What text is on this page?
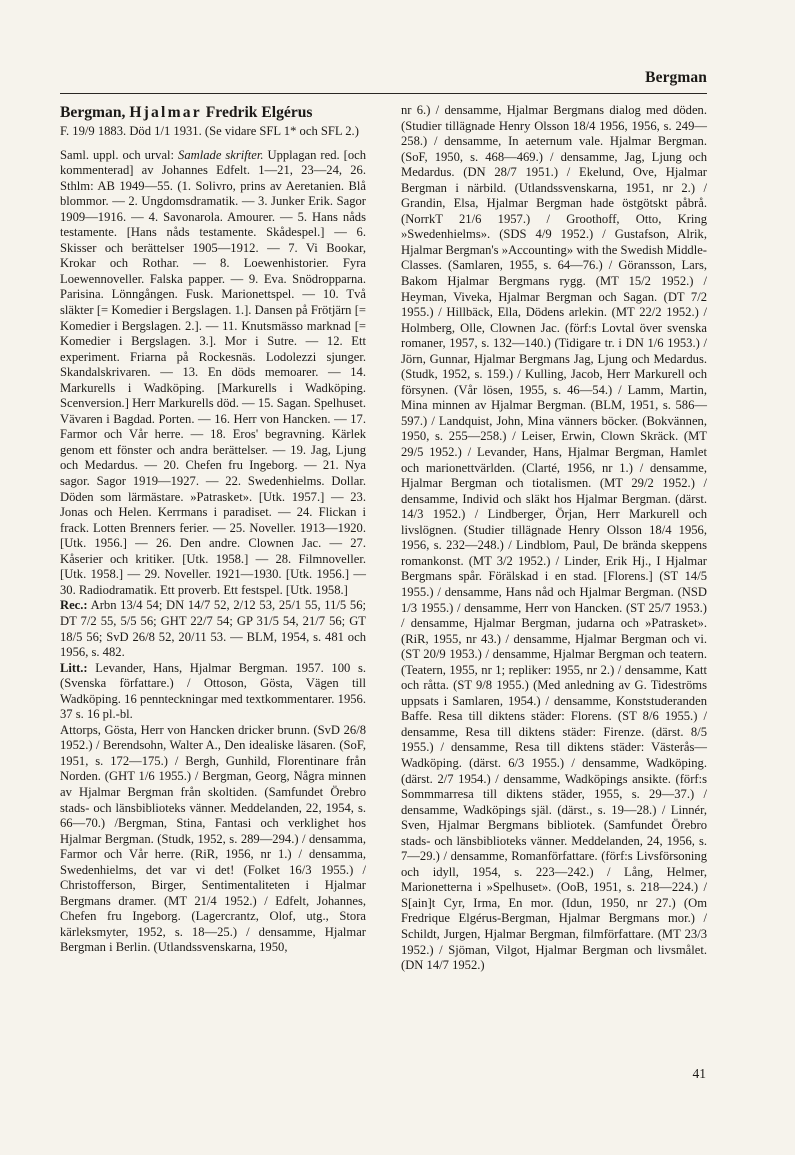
Bergman

Bergman, Hjalmar Fredrik Elgérus

F. 19/9 1883. Död 1/1 1931. (Se vidare SFL 1* och SFL 2.)

Saml. uppl. och urval: Samlade skrifter. Upplagan red. [och kommenterad] av Johannes Edfelt. 1—21, 23—24, 26. Sthlm: AB 1949—55. (1. Solivro, prins av Aeretanien. Blå blommor. — 2. Ungdomsdramatik. — 3. Junker Erik. Sagor 1909—1916. — 4. Savonarola. Amourer. — 5. Hans nåds testamente. [Hans nåds testamente. Skådespel.] — 6. Skisser och berättelser 1905—1912. — 7. Vi Bookar, Krokar och Rothar. — 8. Loewenhistorier. Fyra Loewennoveller. Falska papper. — 9. Eva. Snödropparna. Parisina. Lönngången. Fusk. Marionettspel. — 10. Två släkter [= Komedier i Bergslagen. 1.]. Dansen på Frötjärn [= Komedier i Bergslagen. 2.]. — 11. Knutsmässo marknad [= Komedier i Bergslagen. 3.]. Mor i Sutre. — 12. Ett experiment. Friarna på Rockesnäs. Lodolezzi sjunger. Skandalskrivaren. — 13. En döds memoarer. — 14. Markurells i Wadköping. [Markurells i Wadköping. Scenversion.] Herr Markurells död. — 15. Sagan. Spelhuset. Vävaren i Bagdad. Porten. — 16. Herr von Hancken. — 17. Farmor och Vår herre. — 18. Eros' begravning. Kärlek genom ett fönster och andra berättelser. — 19. Jag, Ljung och Medardus. — 20. Chefen fru Ingeborg. — 21. Nya sagor. Sagor 1919—1927. — 22. Swedenhielms. Dollar. Döden som lärmästare. »Patrasket». [Utk. 1957.] — 23. Jonas och Helen. Kerrmans i paradiset. — 24. Flickan i frack. Lotten Brenners ferier. — 25. Noveller. 1913—1920. [Utk. 1956.] — 26. Den andre. Clownen Jac. — 27. Kåserier och kritiker. [Utk. 1958.] — 28. Filmnoveller. [Utk. 1958.] — 29. Noveller. 1921—1930. [Utk. 1956.] — 30. Radiodramatik. Ett proverb. Ett festspel. [Utk. 1958.]

Rec.: Arbn 13/4 54; DN 14/7 52, 2/12 53, 25/1 55, 11/5 56; DT 7/2 55, 5/5 56; GHT 22/7 54; GP 31/5 54, 21/7 56; GT 18/5 56; SvD 26/8 52, 20/11 53. — BLM, 1954, s. 481 och 1956, s. 482.

Litt.: Levander, Hans, Hjalmar Bergman. 1957. 100 s. (Svenska författare.) / Ottoson, Gösta, Vägen till Wadköping. 16 pennteckningar med textkommentarer. 1956. 37 s. 16 pl.-bl.

Attorps, Gösta, Herr von Hancken dricker brunn. (SvD 26/8 1952.) / Berendsohn, Walter A., Den idealiske läsaren. (SoF, 1951, s. 172—175.) / Bergh, Gunhild, Florentinare från Norden. (GHT 1/6 1955.) / Bergman, Georg, Några minnen av Hjalmar Bergman från skoltiden. (Samfundet Örebro stads- och länsbiblioteks vänner. Meddelanden, 22, 1954, s. 66—70.) /Bergman, Stina, Fantasi och verklighet hos Hjalmar Bergman. (Studk, 1952, s. 289—294.) / densamma, Farmor och Vår herre. (RiR, 1956, nr 1.) / densamma, Swedenhielms, det var vi det! (Folket 16/3 1955.) / Christofferson, Birger, Sentimentaliteten i Hjalmar Bergmans dramer. (MT 21/4 1952.) / Edfelt, Johannes, Chefen fru Ingeborg. (Lagercrantz, Olof, utg., Stora kärleksmyter, 1952, s. 18—25.) / densamme, Hjalmar Bergman i Berlin. (Utlandssvenskarna, 1950,

nr 6.) / densamme, Hjalmar Bergmans dialog med döden. (Studier tillägnade Henry Olsson 18/4 1956, 1956, s. 249—258.) / densamme, In aeternum vale. Hjalmar Bergman. (SoF, 1950, s. 468—469.) / densamme, Jag, Ljung och Medardus. (DN 28/7 1951.) / Ekelund, Ove, Hjalmar Bergman i närbild. (Utlandssvenskarna, 1951, nr 2.) / Grandin, Elsa, Hjalmar Bergman hade östgötskt påbrå. (NorrkT 21/6 1957.) / Groothoff, Otto, Kring »Swedenhielms». (SDS 4/9 1952.) / Gustafson, Alrik, Hjalmar Bergman's »Accounting» with the Swedish Middle-Classes. (Samlaren, 1955, s. 64—76.) / Göransson, Lars, Bakom Hjalmar Bergmans rygg. (MT 15/2 1952.) / Heyman, Viveka, Hjalmar Bergman och Sagan. (DT 7/2 1955.) / Hillbäck, Ella, Dödens arlekin. (MT 22/2 1952.) / Holmberg, Olle, Clownen Jac. (förf:s Lovtal över svenska romaner, 1957, s. 132—140.) (Tidigare tr. i DN 1/6 1953.) / Jörn, Gunnar, Hjalmar Bergmans Jag, Ljung och Medardus. (Studk, 1952, s. 159.) / Kulling, Jacob, Herr Markurell och försynen. (Vår lösen, 1955, s. 46—54.) / Lamm, Martin, Mina minnen av Hjalmar Bergman. (BLM, 1951, s. 586—597.) / Landquist, John, Mina vänners böcker. (Bokvännen, 1950, s. 255—258.) / Leiser, Erwin, Clown Skräck. (MT 29/5 1952.) / Levander, Hans, Hjalmar Bergman, Hamlet och marionettvärlden. (Clarté, 1956, nr 1.) / densamme, Hjalmar Bergman och tiotalismen. (MT 29/2 1952.) / densamme, Individ och släkt hos Hjalmar Bergman. (därst. 14/3 1952.) / Lindberger, Örjan, Herr Markurell och livslögnen. (Studier tillägnade Henry Olsson 18/4 1956, 1956, s. 232—248.) / Lindblom, Paul, De brända skeppens romankonst. (MT 3/2 1952.) / Linder, Erik Hj., I Hjalmar Bergmans spår. Förälskad i en stad. [Florens.] (ST 14/5 1955.) / densamme, Hans nåd och Hjalmar Bergman. (NSD 1/3 1955.) / densamme, Herr von Hancken. (ST 25/7 1953.) / densamme, Hjalmar Bergman, judarna och »Patrasket». (RiR, 1955, nr 43.) / densamme, Hjalmar Bergman och vi. (ST 20/9 1953.) / densamme, Hjalmar Bergman och teatern. (Teatern, 1955, nr 1; repliker: 1955, nr 2.) / densamme, Katt och råtta. (ST 9/8 1955.) (Med anledning av G. Tideströms uppsats i Samlaren, 1954.) / densamme, Konststuderanden Baffe. Resa till diktens städer: Florens. (ST 8/6 1955.) / densamme, Resa till diktens städer: Firenze. (därst. 8/5 1955.) / densamme, Resa till diktens städer: Västerås—Wadköping. (därst. 6/3 1955.) / densamme, Wadköping. (därst. 2/7 1954.) / densamme, Wadköpings ansikte. (förf:s Sommmarresa till diktens städer, 1955, s. 29—37.) / densamme, Wadköpings själ. (därst., s. 19—28.) / Linnér, Sven, Hjalmar Bergmans bibliotek. (Samfundet Örebro stads- och länsbiblioteks vänner. Meddelanden, 24, 1956, s. 7—29.) / densamme, Romanförfattare. (förf:s Livsförsoning och idyll, 1954, s. 223—242.) / Lång, Helmer, Marionetterna i »Spelhuset». (OoB, 1951, s. 218—224.) / S[ain]t Cyr, Irma, En mor. (Idun, 1950, nr 27.) (Om Fredrique Elgérus-Bergman, Hjalmar Bergmans mor.) / Schildt, Jurgen, Hjalmar Bergman, filmförfattare. (MT 23/3 1952.) / Sjöman, Vilgot, Hjalmar Bergman och livsmålet. (DN 14/7 1952.)

41
